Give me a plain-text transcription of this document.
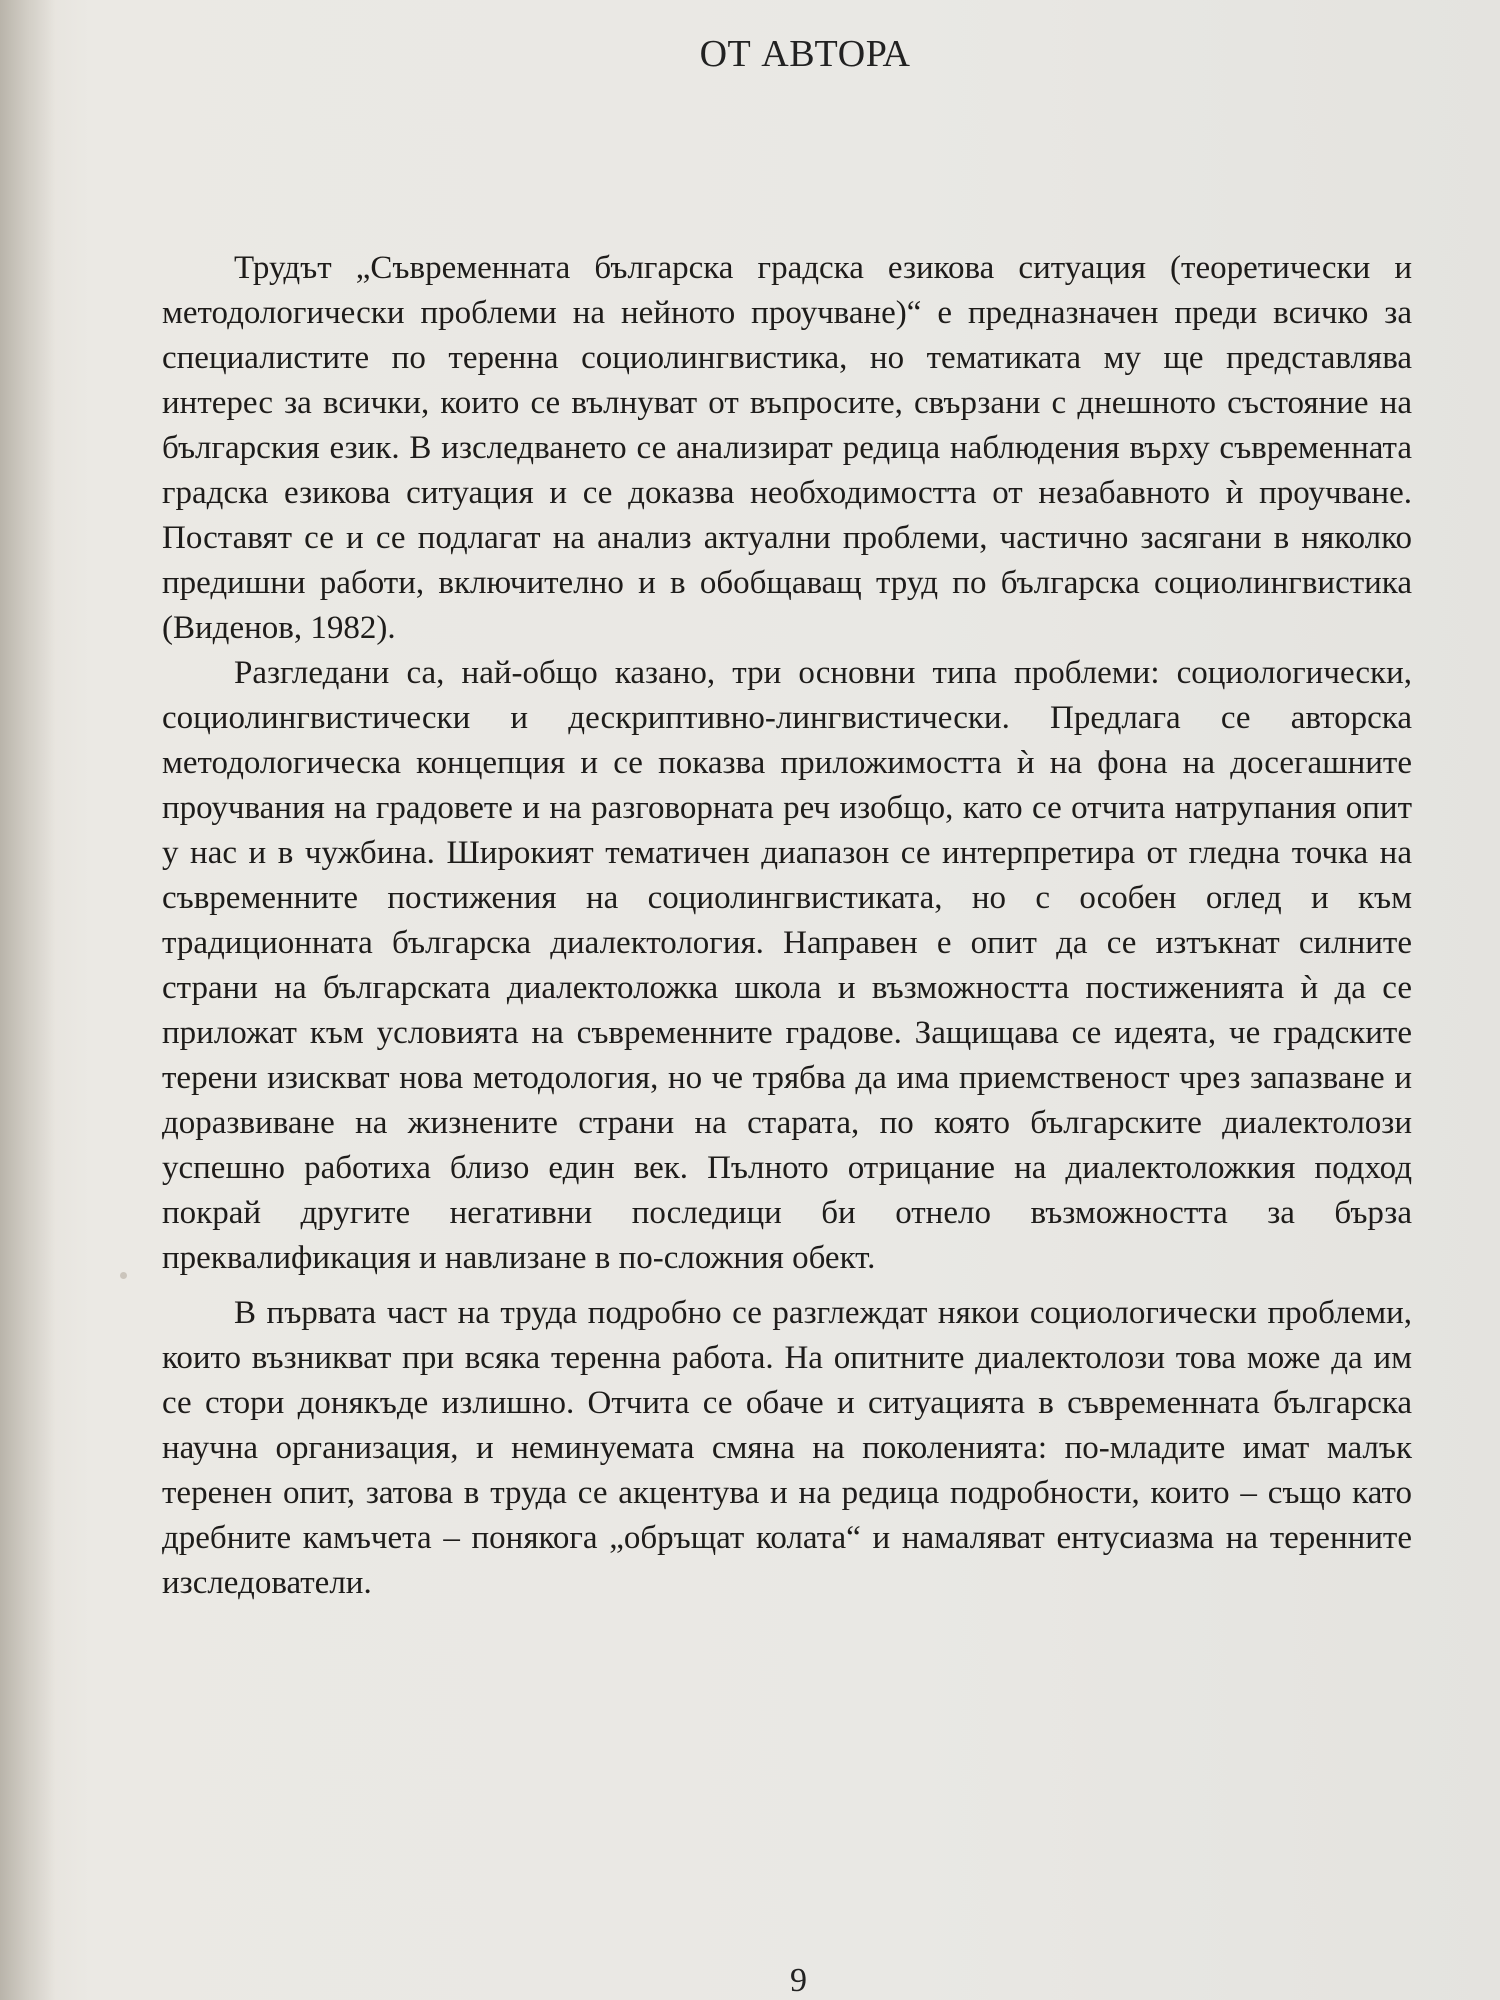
ОТ АВТОРА

Трудът „Съвременната българска градска езикова ситуация (теоретически и методологически проблеми на нейното проучване)“ е предназначен преди всичко за специалистите по теренна социолингвистика, но тематиката му ще представлява интерес за всички, които се вълнуват от въпросите, свързани с днешното състояние на българския език. В изследването се анализират редица наблюдения върху съвременната градска езикова ситуация и се доказва необходимостта от незабавното ѝ проучване. Поставят се и се подлагат на анализ актуални проблеми, частично засягани в няколко предишни работи, включително и в обобщаващ труд по българска социолингвистика (Виденов, 1982).

Разгледани са, най-общо казано, три основни типа проблеми: социологически, социолингвистически и дескриптивно-лингвистически. Предлага се авторска методологическа концепция и се показва приложимостта ѝ на фона на досегашните проучвания на градовете и на разговорната реч изобщо, като се отчита натрупания опит у нас и в чужбина. Широкият тематичен диапазон се интерпретира от гледна точка на съвременните постижения на социолингвистиката, но с особен оглед и към традиционната българска диалектология. Направен е опит да се изтъкнат силните страни на българската диалектоложка школа и възможността постиженията ѝ да се приложат към условията на съвременните градове. Защищава се идеята, че градските терени изискват нова методология, но че трябва да има приемственост чрез запазване и доразвиване на жизнените страни на старата, по която българските диалектолози успешно работиха близо един век. Пълното отрицание на диалектоложкия подход покрай другите негативни последици би отнело възможността за бърза преквалификация и навлизане в по-сложния обект.

В първата част на труда подробно се разглеждат някои социологически проблеми, които възникват при всяка теренна работа. На опитните диалектолози това може да им се стори донякъде излишно. Отчита се обаче и ситуацията в съвременната българска научна организация, и неминуемата смяна на поколенията: по-младите имат малък теренен опит, затова в труда се акцентува и на редица подробности, които – също като дребните камъчета – понякога „обръщат колата“ и намаляват ентусиазма на теренните изследователи.

9
